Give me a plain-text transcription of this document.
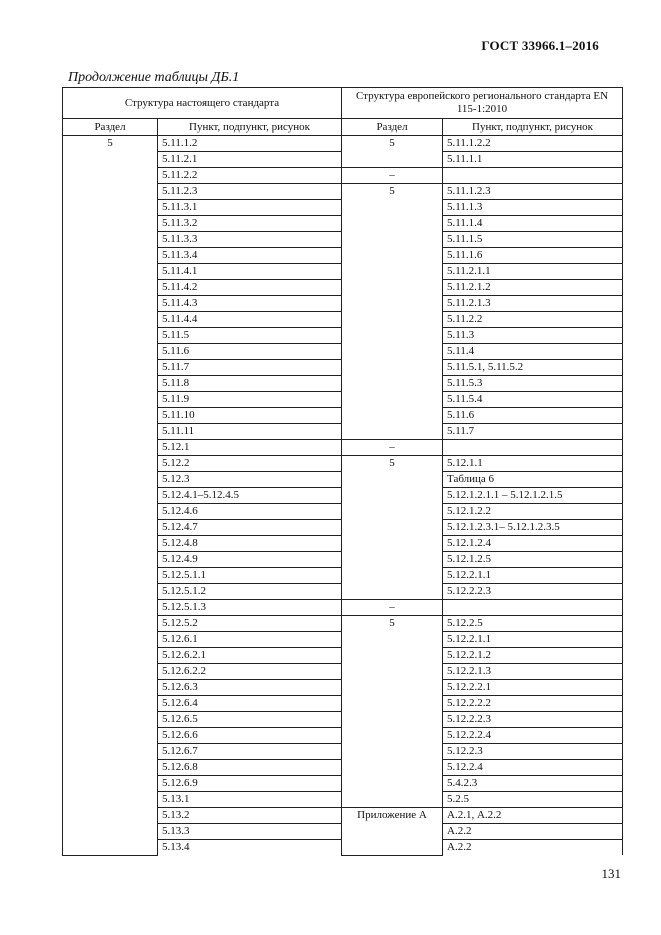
ГОСТ 33966.1–2016
Продолжение таблицы ДБ.1
Структура настоящего стандарта		Структура европейского регионального стандарта EN 115-1:2010	
Раздел	Пункт, подпункт, рисунок	Раздел	Пункт, подпункт, рисунок
5	5.11.1.2	5	5.11.1.2.2
	5.11.2.1		5.11.1.1
	5.11.2.2	–	
	5.11.2.3	5	5.11.1.2.3
	5.11.3.1		5.11.1.3
	5.11.3.2		5.11.1.4
	5.11.3.3		5.11.1.5
	5.11.3.4		5.11.1.6
	5.11.4.1		5.11.2.1.1
	5.11.4.2		5.11.2.1.2
	5.11.4.3		5.11.2.1.3
	5.11.4.4		5.11.2.2
	5.11.5		5.11.3
	5.11.6		5.11.4
	5.11.7		5.11.5.1, 5.11.5.2
	5.11.8		5.11.5.3
	5.11.9		5.11.5.4
	5.11.10		5.11.6
	5.11.11		5.11.7
	5.12.1	–	
	5.12.2	5	5.12.1.1
	5.12.3		Таблица 6
	5.12.4.1–5.12.4.5		5.12.1.2.1.1 – 5.12.1.2.1.5
	5.12.4.6		5.12.1.2.2
	5.12.4.7		5.12.1.2.3.1– 5.12.1.2.3.5
	5.12.4.8		5.12.1.2.4
	5.12.4.9		5.12.1.2.5
	5.12.5.1.1		5.12.2.1.1
	5.12.5.1.2		5.12.2.2.3
	5.12.5.1.3	–	
	5.12.5.2	5	5.12.2.5
	5.12.6.1		5.12.2.1.1
	5.12.6.2.1		5.12.2.1.2
	5.12.6.2.2		5.12.2.1.3
	5.12.6.3		5.12.2.2.1
	5.12.6.4		5.12.2.2.2
	5.12.6.5		5.12.2.2.3
	5.12.6.6		5.12.2.2.4
	5.12.6.7		5.12.2.3
	5.12.6.8		5.12.2.4
	5.12.6.9		5.4.2.3
	5.13.1		5.2.5
	5.13.2	Приложение А	А.2.1, А.2.2
	5.13.3		А.2.2
	5.13.4		А.2.2
131
